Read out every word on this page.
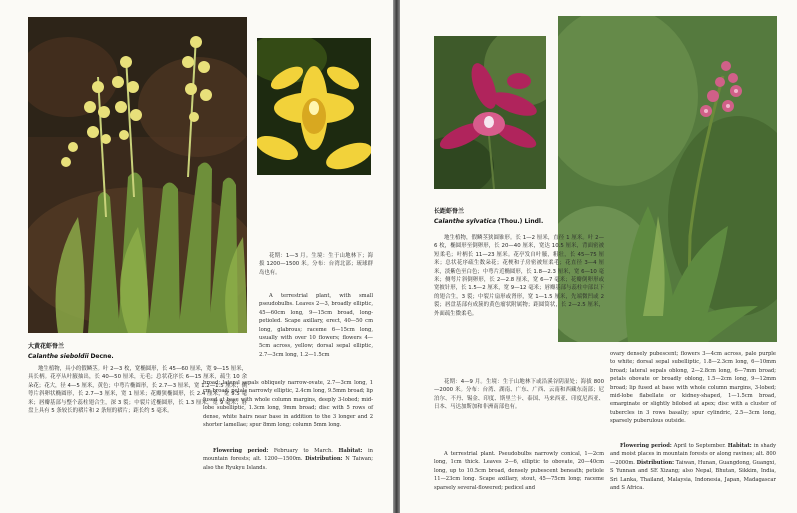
大黄花虾脊兰
Calanthe sieboldii Decne.
地生植物，具小的假鳞茎。叶 2—3 枚，宽椭圆形，长 45—60 厘米，宽 9—15 厘米，具长柄。花亭从叶腋抽出，长 40—50 厘米，无毛；总状花序长 6—15 厘米，疏生 10 余朵花；花大，径 4—5 厘米，黄色；中萼片椭圆形，长 2.7—3 厘米，宽 1.2—1.5 厘米；侧萼片斜卵状椭圆形，长 2.7—3 厘米，宽 1 厘米；花瓣狭椭圆形，长 2.4 厘米，宽 9.5 毫米；唇瓣基部与整个蕊柱翅合生，深 3 裂；中裂片近椭圆形，长 1.3 厘米，宽 9 毫米；唇盘上具有 5 条较长的褶片和 2 条短的褶片；距长约 5 毫米。
花期：1—3 月。生境：生于山地林下；海拔 1200—1500 米。分布：台湾北部；琉球群岛也有。
A terrestrial plant, with small pseudobulbs. Leaves 2—3, broadly elliptic, 45—60cm long, 9—15cm broad, long-petioled. Scape axillary, erect, 40—50 cm long, glabrous; raceme 6—15cm long, usually with over 10 flowers; flowers 4—5cm across, yellow; dorsal sepal elliptic, 2.7—3cm long, 1.2—1.5cm
broad; lateral sepals obliquely narrow-ovate, 2.7—3cm long, 1 cm broad; petals narrowly elliptic, 2.4cm long, 9.5mm broad; lip fused at base with whole column margins, deeply 3-lobed; mid-lobe subelliptic, 1.3cm long, 9mm broad; disc with 5 rows of dense, white hairs near base in addition to the 3 longer and 2 shorter lamellae; spur 8mm long; column 5mm long.
Flowering period: February to March. Habitat: in mountain forests; alt. 1200—1500m. Distribution: N Taiwan; also the Ryukyu Islands.
长距虾脊兰
Calanthe sylvatica (Thou.) Lindl.
地生植物，假鳞茎狭圆锥形。长 1—2 厘米，直径 1 厘米。叶 2—6 枚，椭圆形至倒卵形，长 20—40 厘米，宽达 10.5 厘米，背面密被短柔毛；叶柄长 11—23 厘米。花亭发自叶腋，粗壮，长 45—75 厘米；总状花序疏生数朵花；花梗和子房密被短柔毛；花直径 3—4 厘米，淡紫色至白色；中萼片近椭圆形，长 1.8—2.3 厘米，宽 6—10 毫米；侧萼片斜倒卵形，长 2—2.8 厘米，宽 6—7 毫米；花瓣倒卵形或宽披针形，长 1.5—2 厘米，宽 9—12 毫米；唇瓣基部与蕊柱中部以下的翅合生，3 裂；中裂片扇形或肾形，宽 1—1.5 厘米，先端微凹或 2 裂；唇盘基部有成簇的黄色瘤状附属物；距圆筒状，长 2—2.5 厘米，外面疏生微柔毛。
花期：4—9 月。生境：生于山地林下或沿溪谷阴湿处；海拔 800—2000 米。分布：台湾、湖南、广东、广西、云南和西藏东南部；尼泊尔、不丹、锡金、印度、斯里兰卡、泰国、马来西亚、印度尼西亚、日本、马达加斯加和非洲南部也有。
A terrestrial plant. Pseudobulbs narrowly conical, 1—2cm long, 1cm thick. Leaves 2—6, elliptic to obovate, 20—40cm long, up to 10.5cm broad, densely pubescent beneath; petiole 11—23cm long. Scape axillary, stout, 45—75cm long; raceme sparsely several-flowered; pedicel and
ovary densely pubescent; flowers 3—4cm across, pale purple to white; dorsal sepal subelliptic, 1.8—2.3cm long, 6—10mm broad; lateral sepals oblong, 2—2.8cm long, 6—7mm broad; petals obovate or broadly oblong, 1.5—2cm long, 9—12mm broad; lip fused at base with whole column margins, 3-lobed; mid-lobe flabellate or kidney-shaped, 1—1.5cm broad, emarginate or slightly bilobed at apex; disc with a cluster of tubercles in 3 rows basally; spur cylindric, 2.5—3cm long, sparsely puberulous outside.
Flowering period: April to September. Habitat: in shady and moist places in mountain forests or along ravines; alt. 800—2000m. Distribution: Taiwan, Hunan, Guangdong, Guangxi, S Yunnan and SE Xizang; also Nepal, Bhutan, Sikkim, India, Sri Lanka, Thailand, Malaysia, Indonesia, Japan, Madagascar and S Africa.
